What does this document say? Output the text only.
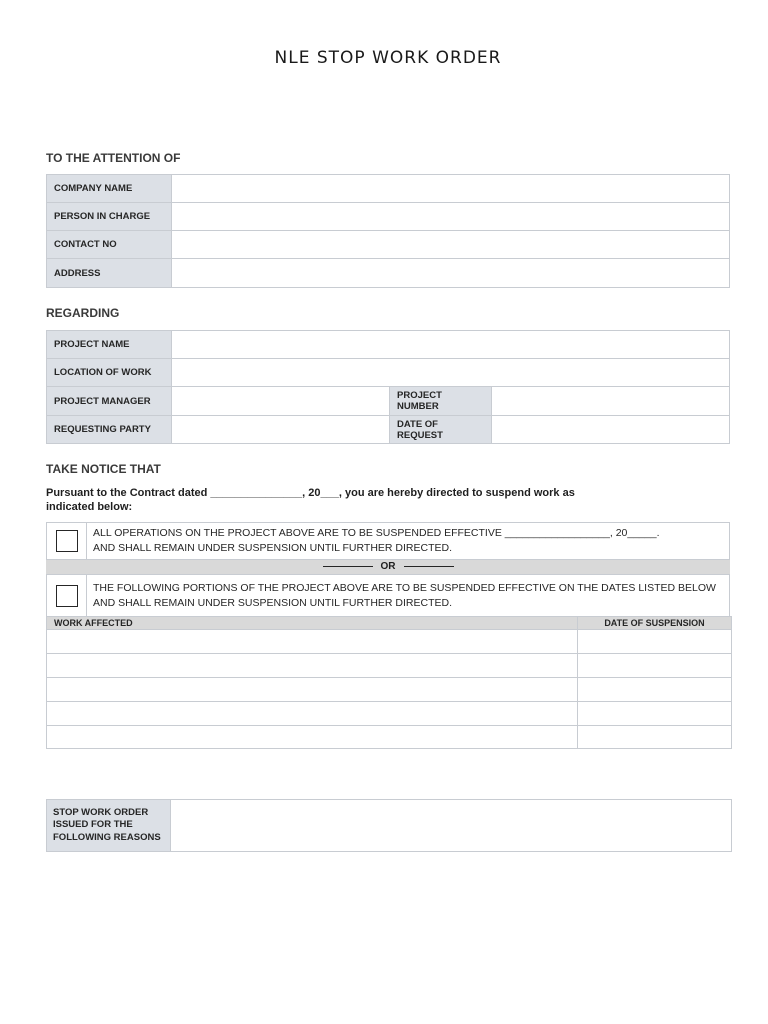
NLE STOP WORK ORDER
TO THE ATTENTION OF
COMPANY NAME	
PERSON IN CHARGE	
CONTACT NO	
ADDRESS	
REGARDING
PROJECT NAME			
LOCATION OF WORK			
PROJECT MANAGER		PROJECT NUMBER	
REQUESTING PARTY		DATE OF REQUEST	
TAKE NOTICE THAT
Pursuant to the Contract dated _______________, 20___, you are hereby directed to suspend work as indicated below:
ALL OPERATIONS ON THE PROJECT ABOVE ARE TO BE SUSPENDED EFFECTIVE __________________, 20_____.
AND SHALL REMAIN UNDER SUSPENSION UNTIL FURTHER DIRECTED.
OR
THE FOLLOWING PORTIONS OF THE PROJECT ABOVE ARE TO BE SUSPENDED EFFECTIVE ON THE DATES LISTED BELOW
AND SHALL REMAIN UNDER SUSPENSION UNTIL FURTHER DIRECTED.
WORK AFFECTED	DATE OF SUSPENSION

STOP WORK ORDER
ISSUED FOR THE
FOLLOWING REASONS
